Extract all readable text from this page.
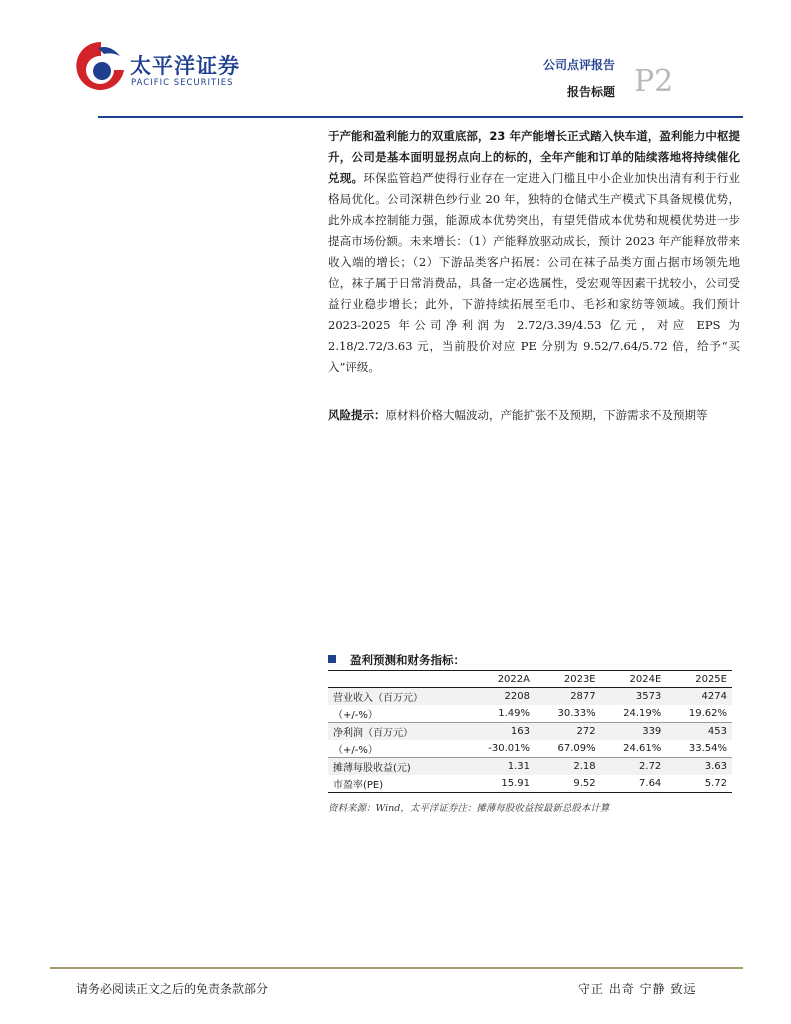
太平洋证券
PACIFIC SECURITIES
公司点评报告
报告标题 P2

于产能和盈利能力的双重底部，23 年产能增长正式踏入快车道，盈利能力中枢提升，公司是基本面明显拐点向上的标的，全年产能和订单的陆续落地将持续催化兑现。环保监管趋严使得行业存在一定进入门槛且中小企业加快出清有利于行业格局优化。公司深耕色纱行业 20 年，独特的仓储式生产模式下具备规模优势，此外成本控制能力强，能源成本优势突出，有望凭借成本优势和规模优势进一步提高市场份额。未来增长：（1）产能释放驱动成长，预计 2023 年产能释放带来收入端的增长；（2）下游品类客户拓展：公司在袜子品类方面占据市场领先地位，袜子属于日常消费品，具备一定必选属性，受宏观等因素干扰较小，公司受益行业稳步增长；此外，下游持续拓展至毛巾、毛衫和家纺等领域。我们预计 2023-2025 年公司净利润为 2.72/3.39/4.53 亿元，对应 EPS 为 2.18/2.72/3.63 元，当前股价对应 PE 分别为 9.52/7.64/5.72 倍，给予“买入”评级。

风险提示：原材料价格大幅波动，产能扩张不及预期，下游需求不及预期等
盈利预测和财务指标：
	2022A	2023E	2024E	2025E
营业收入（百万元）	2208	2877	3573	4274
（+/-%）	1.49%	30.33%	24.19%	19.62%
净利润（百万元）	163	272	339	453
（+/-%）	-30.01%	67.09%	24.61%	33.54%
摊薄每股收益(元)	1.31	2.18	2.72	3.63
市盈率(PE)	15.91	9.52	7.64	5.72
资料来源：Wind，太平洋证券注：摊薄每股收益按最新总股本计算
请务必阅读正文之后的免责条款部分	守正 出奇 宁静 致远
